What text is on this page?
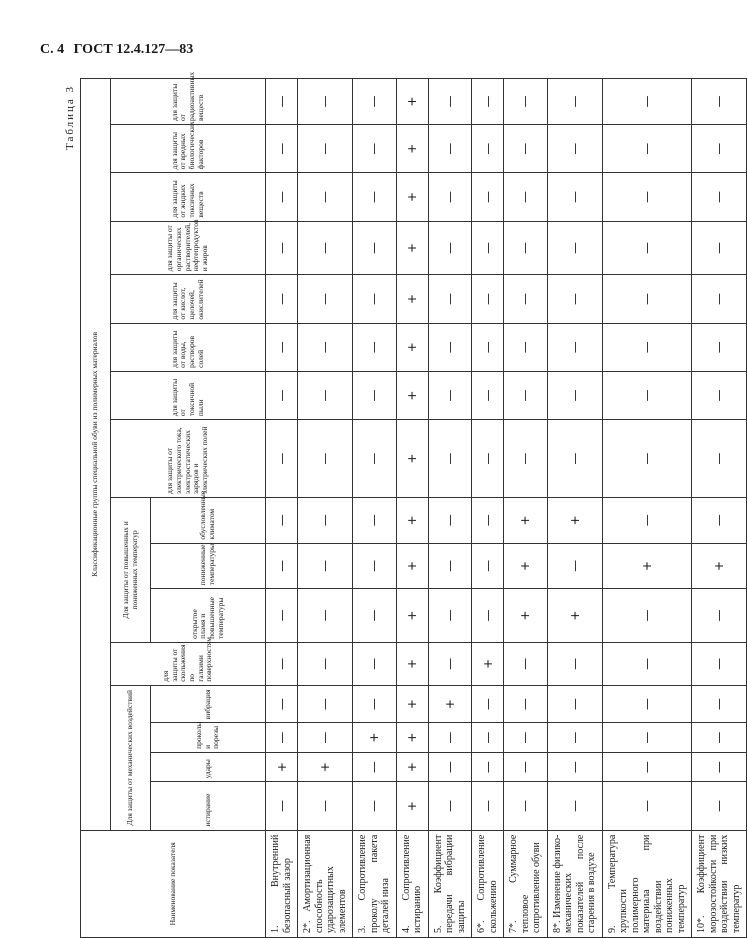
С. 4 ГОСТ 12.4.127—83
Таблица 3
Наименование показателя	Классификационные группы специальной обуви из полимерных материалов															
	Для защиты от механических воздействий				для защиты от скольжения по галкими поверхностям	Для защиты от повышенных и пониженных температур			для защиты от электрического тока, электростатических зарядов и электрических полей	для защиты от токсичной пыли	для защиты от воды, растворов солей	для защиты от кислот, щелочей, окислителей	для защиты от органических растворителей, нефтепродуктов и жиров	для защиты от жидких токсичных веществ	для защиты от вредных биологических факторов	для защиты от радиоактивных веществ
	истирание	удары	проколы и порезы	вибрация		открытое пламя и повышенные температуры	пониженные температуры	обусловленные климатом								
1. Внутренний безопасный зазор	—	+	—	—	—	—	—	—	—	—	—	—	—	—	—	—
2*. Амортизационная способность ударозащитных элементов	—	+	—	—	—	—	—	—	—	—	—	—	—	—	—	—
3. Сопротивление проколу пакета деталей низа	—	—	+	—	—	—	—	—	—	—	—	—	—	—	—	—
4. Сопротивление истиранию	+	+	+	+	+	+	+	+	+	+	+	+	+	+	+	+
5. Коэффициент передачи вибрации защиты	—	—	—	+	—	—	—	—	—	—	—	—	—	—	—	—
6*. Сопротивление скольжению	—	—	—	—	+	—	—	—	—	—	—	—	—	—	—	—
7*. Суммарное тепловое сопротивление обуви	—	—	—	—	—	+	+	+	—	—	—	—	—	—	—	—
8*. Изменение физико-механических показателей после старения в воздухе	—	—	—	—	—	+	—	+	—	—	—	—	—	—	—	—
9. Температура хрупкости полимерного материала при воздействии пониженных температур	—	—	—	—	—	—	+	—	—	—	—	—	—	—	—	—
10*. Коэффициент морозостойкости при воздействии низких температур	—	—	—	—	—	—	+	—	—	—	—	—	—	—	—	—
